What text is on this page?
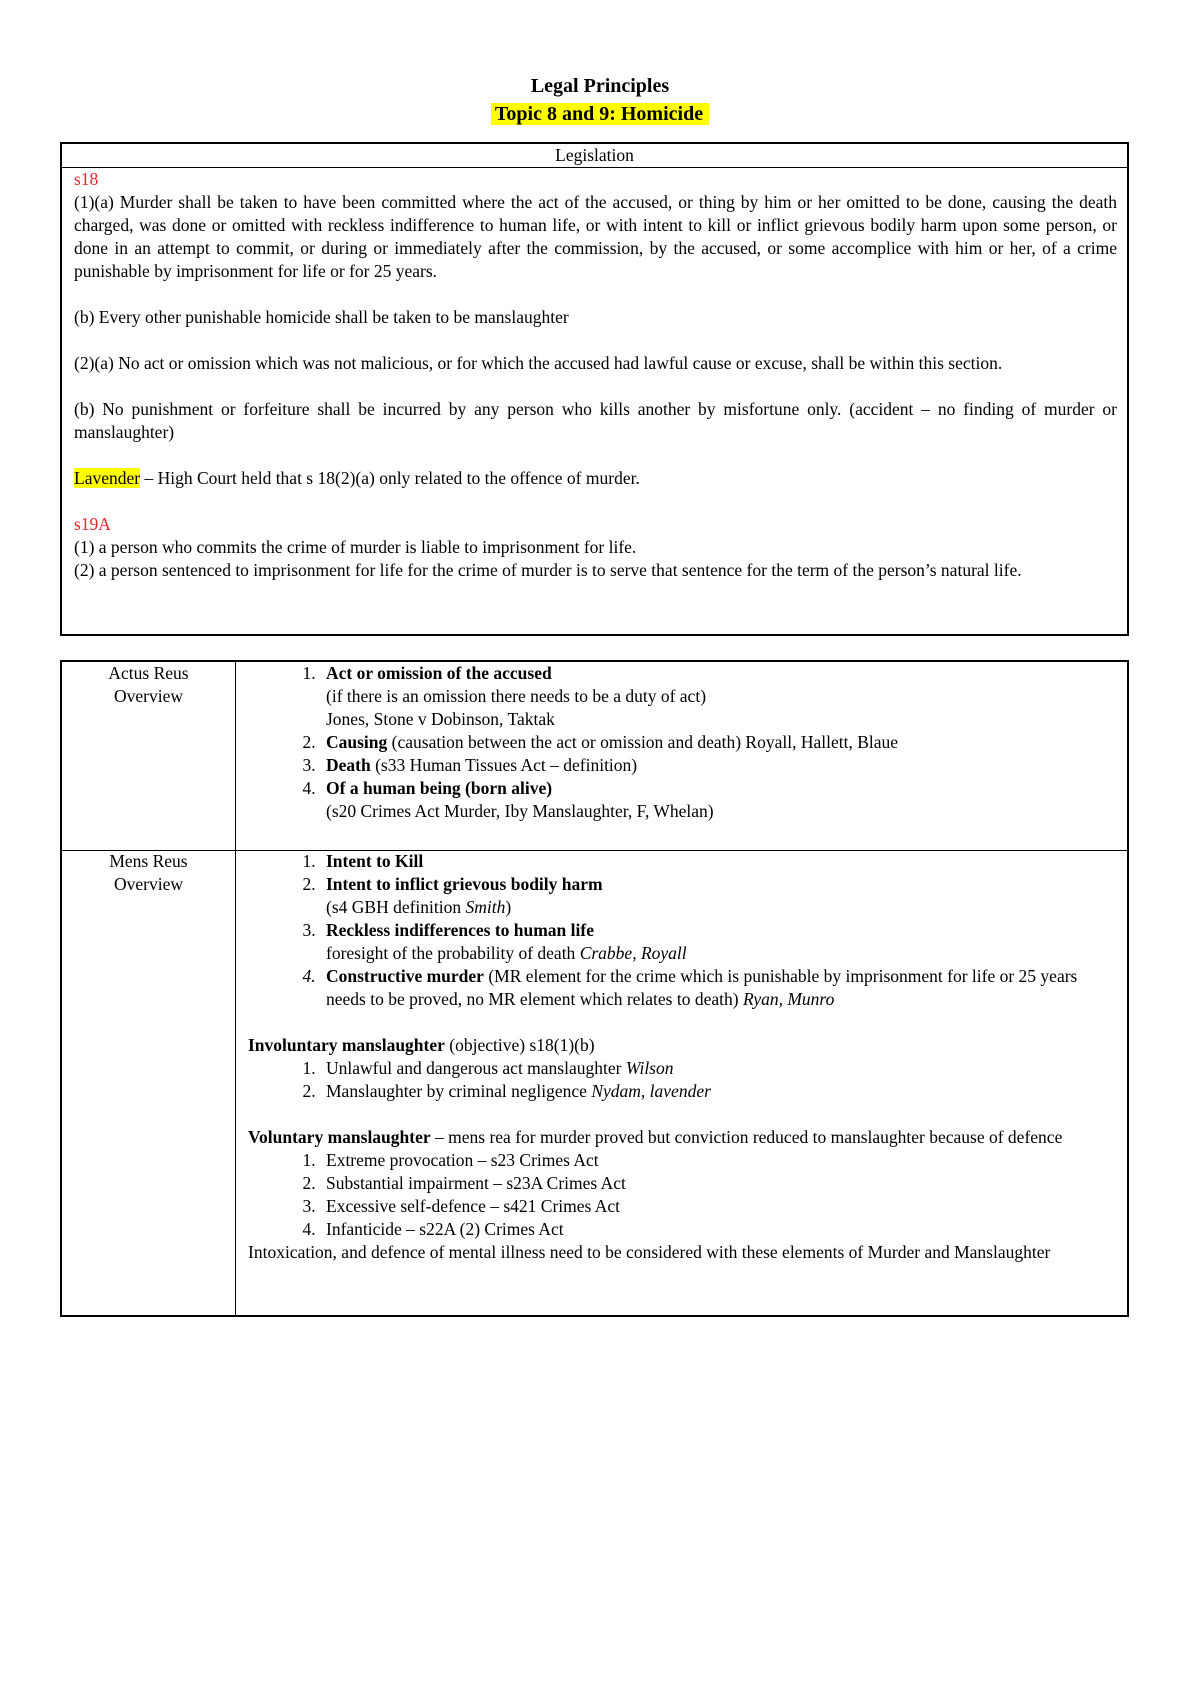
Legal Principles
Topic 8 and 9: Homicide
Legislation

s18

(1)(a) Murder shall be taken to have been committed where the act of the accused, or thing by him or her omitted to be done, causing the death charged, was done or omitted with reckless indifference to human life, or with intent to kill or inflict grievous bodily harm upon some person, or done in an attempt to commit, or during or immediately after the commission, by the accused, or some accomplice with him or her, of a crime punishable by imprisonment for life or for 25 years.

(b) Every other punishable homicide shall be taken to be manslaughter

(2)(a) No act or omission which was not malicious, or for which the accused had lawful cause or excuse, shall be within this section.

(b) No punishment or forfeiture shall be incurred by any person who kills another by misfortune only. (accident – no finding of murder or manslaughter)

Lavender – High Court held that s 18(2)(a) only related to the offence of murder.

s19A

(1) a person who commits the crime of murder is liable to imprisonment for life.

(2) a person sentenced to imprisonment for life for the crime of murder is to serve that sentence for the term of the person’s natural life.

Actus Reus
Overview
1. Act or omission of the accused
(if there is an omission there needs to be a duty of act)
Jones, Stone v Dobinson, Taktak
2. Causing (causation between the act or omission and death) Royall, Hallett, Blaue
3. Death (s33 Human Tissues Act – definition)
4. Of a human being (born alive)
(s20 Crimes Act Murder, Iby Manslaughter, F, Whelan)
Mens Reus
Overview
1. Intent to Kill
2. Intent to inflict grievous bodily harm
(s4 GBH definition Smith)
3. Reckless indifferences to human life
foresight of the probability of death Crabbe, Royall
4. Constructive murder (MR element for the crime which is punishable by imprisonment for life or 25 years needs to be proved, no MR element which relates to death) Ryan, Munro

Involuntary manslaughter (objective) s18(1)(b)

1. Unlawful and dangerous act manslaughter Wilson
2. Manslaughter by criminal negligence Nydam, lavender

Voluntary manslaughter – mens rea for murder proved but conviction reduced to manslaughter because of defence

1. Extreme provocation – s23 Crimes Act
2. Substantial impairment – s23A Crimes Act
3. Excessive self-defence – s421 Crimes Act
4. Infanticide – s22A (2) Crimes Act

Intoxication, and defence of mental illness need to be considered with these elements of Murder and Manslaughter
